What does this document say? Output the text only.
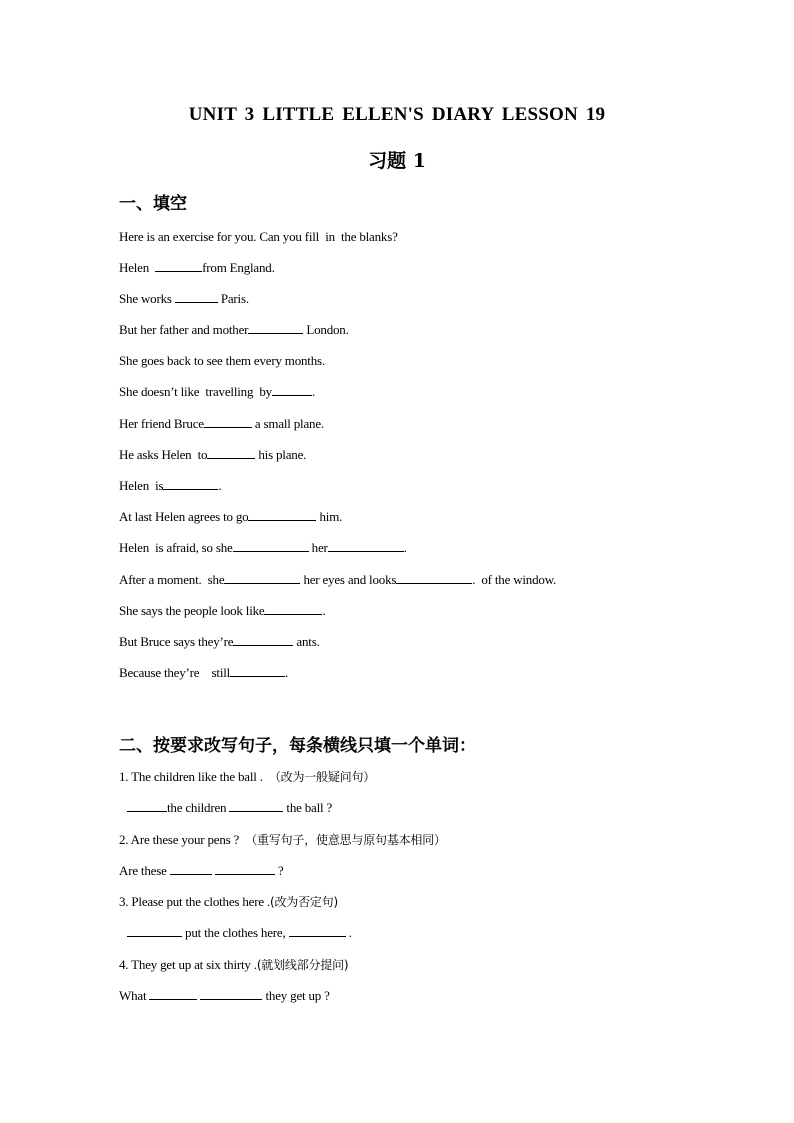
UNIT 3 LITTLE ELLEN'S DIARY LESSON 19
习题 1
一、填空
Here is an exercise for you. Can you fill  in  the blanks?
Helen	from England.
She works	Paris.
But her father and mother	London.
She goes back to see them every months.
She doesn’t like  travelling  by	.
Her friend Bruce	a small plane.
He asks Helen  to	his plane.
Helen  is	.
At last Helen agrees to go	him.
Helen  is afraid, so she	her	.
After a moment.  she	her eyes and looks	.  of the window.
She says the people look like	.
But Bruce says they’re	ants.
Because they’re    still	.
二、按要求改写句子，每条横线只填一个单词：
1. The children like the ball .  （改为一般疑问句）
the children	the ball ?
2. Are these your pens ?  （重写句子，使意思与原句基本相同）
Are these	?
3. Please put the clothes here .(改为否定句)
put the clothes here,	.
4. They get up at six thirty .(就划线部分提问)
What	they get up ?
